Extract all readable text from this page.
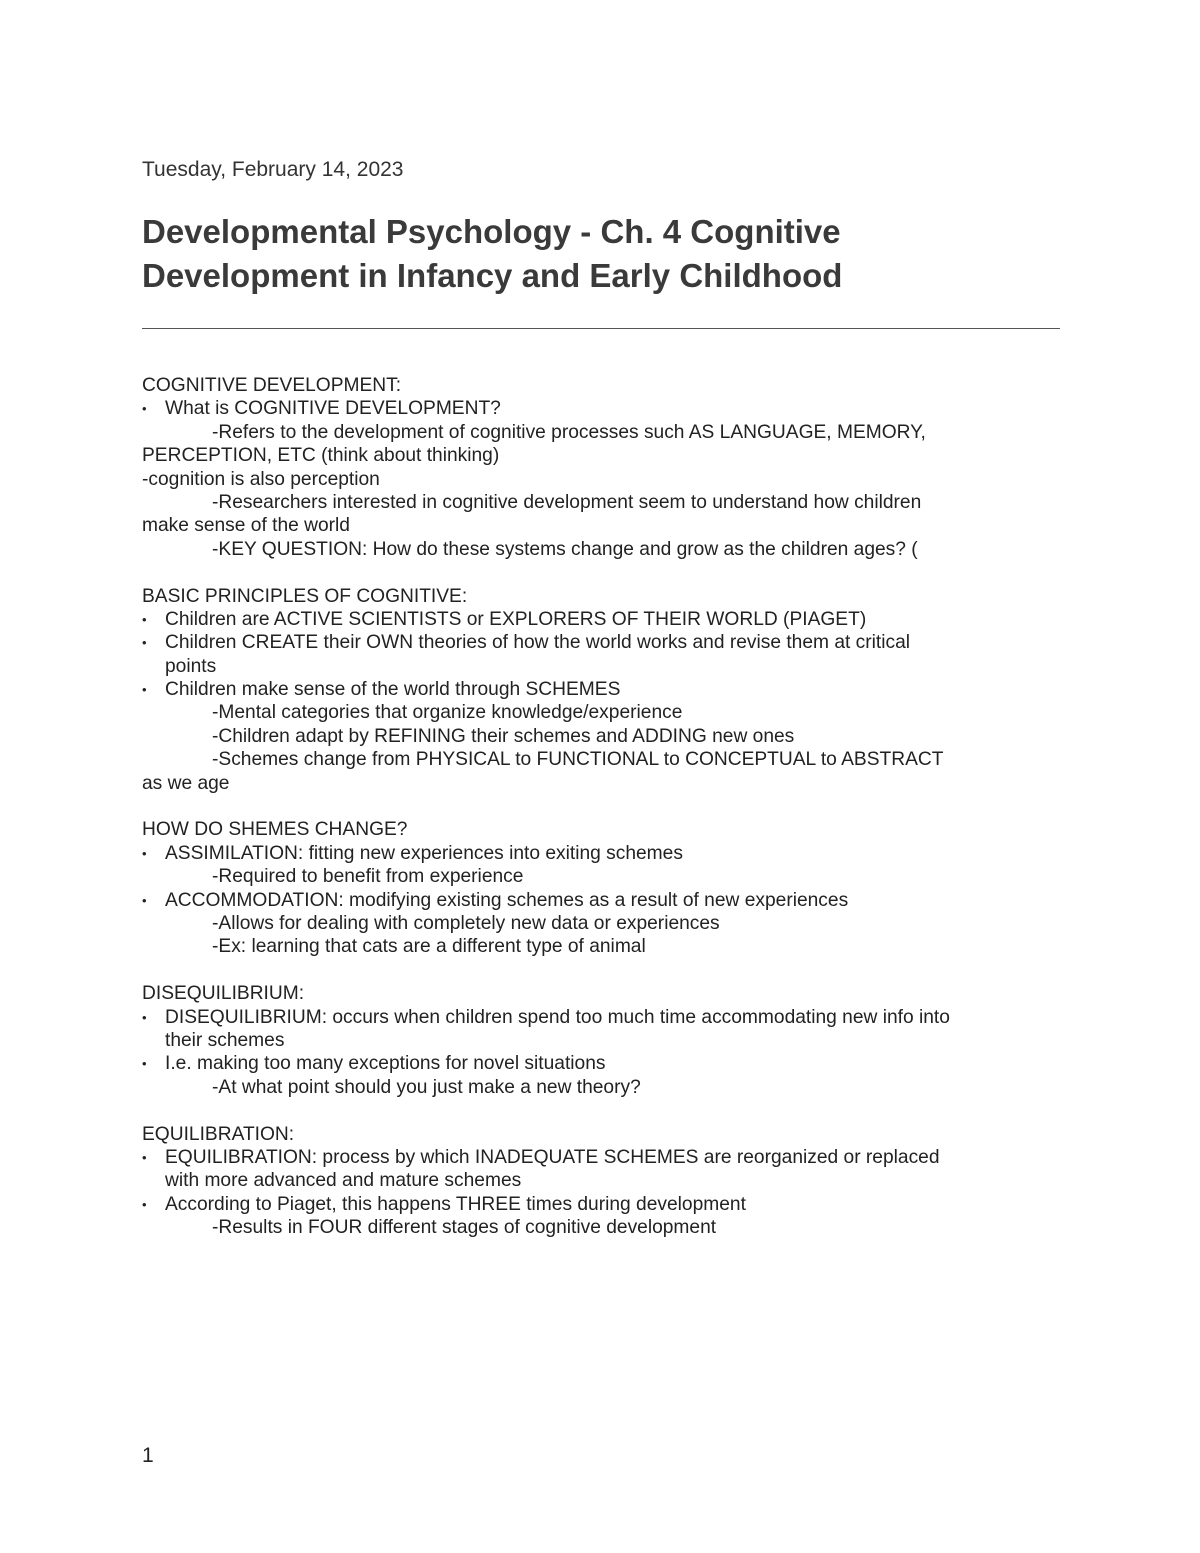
Tuesday, February 14, 2023
Developmental Psychology - Ch. 4 Cognitive
Development in Infancy and Early Childhood
COGNITIVE DEVELOPMENT:
• What is COGNITIVE DEVELOPMENT?
-Refers to the development of cognitive processes such AS LANGUAGE, MEMORY,
PERCEPTION, ETC (think about thinking)
-cognition is also perception
-Researchers interested in cognitive development seem to understand how children
make sense of the world
-KEY QUESTION: How do these systems change and grow as the children ages? (
BASIC PRINCIPLES OF COGNITIVE:
• Children are ACTIVE SCIENTISTS or EXPLORERS OF THEIR WORLD (PIAGET)
• Children CREATE their OWN theories of how the world works and revise them at critical
points
• Children make sense of the world through SCHEMES
-Mental categories that organize knowledge/experience
-Children adapt by REFINING their schemes and ADDING new ones
-Schemes change from PHYSICAL to FUNCTIONAL to CONCEPTUAL to ABSTRACT
as we age
HOW DO SHEMES CHANGE?
• ASSIMILATION: fitting new experiences into exiting schemes
-Required to benefit from experience
• ACCOMMODATION: modifying existing schemes as a result of new experiences
-Allows for dealing with completely new data or experiences
-Ex: learning that cats are a different type of animal
DISEQUILIBRIUM:
• DISEQUILIBRIUM: occurs when children spend too much time accommodating new info into
their schemes
• I.e. making too many exceptions for novel situations
-At what point should you just make a new theory?
EQUILIBRATION:
• EQUILIBRATION: process by which INADEQUATE SCHEMES are reorganized or replaced
with more advanced and mature schemes
• According to Piaget, this happens THREE times during development
-Results in FOUR different stages of cognitive development
1
